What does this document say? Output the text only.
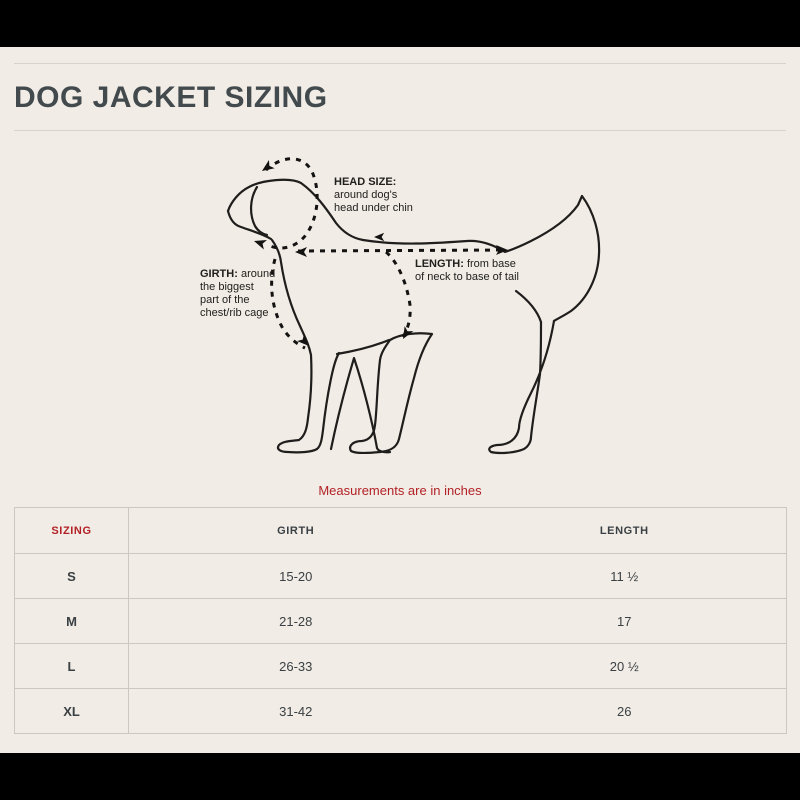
DOG JACKET SIZING
HEAD SIZE:
around dog's
head under chin
GIRTH: around
the biggest
part of the
chest/rib cage
LENGTH: from base
of neck to base of tail
Measurements are in inches
SIZING	GIRTH	LENGTH
S	15-20	11 ½
M	21-28	17
L	26-33	20 ½
XL	31-42	26
